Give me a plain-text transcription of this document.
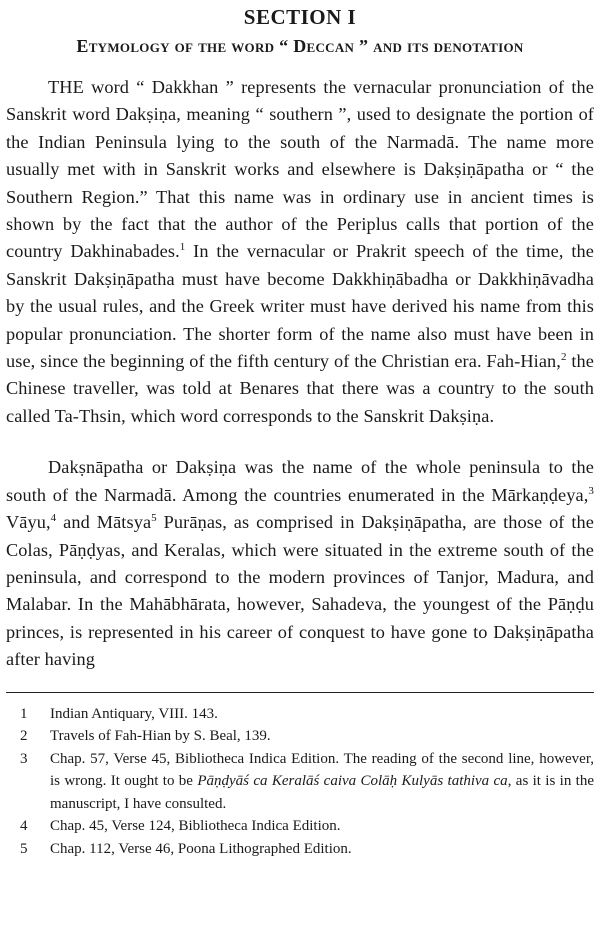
SECTION I
Etymology of the word “ Deccan ” and its denotation

THE word “ Dakkhan ” represents the vernacular pronunciation of the Sanskrit word Dakṣiṇa, meaning “ southern ”, used to designate the portion of the Indian Peninsula lying to the south of the Narmadā. The name more usually met with in Sanskrit works and elsewhere is Dakṣiṇāpatha or “ the Southern Region.” That this name was in ordinary use in ancient times is shown by the fact that the author of the Periplus calls that portion of the country Dakhinabades.$^1$ In the vernacular or Prakrit speech of the time, the Sanskrit Dakṣiṇāpatha must have become Dakkhiṇābadha or Dakkhiṇāvadha by the usual rules, and the Greek writer must have derived his name from this popular pronunciation. The shorter form of the name also must have been in use, since the beginning of the fifth century of the Christian era. Fah-Hian,$^2$ the Chinese traveller, was told at Benares that there was a country to the south called Ta-Thsin, which word corresponds to the Sanskrit Dakṣiṇa.

Dakṣnāpatha or Dakṣiṇa was the name of the whole peninsula to the south of the Narmadā. Among the countries enumerated in the Mārkaṇḍeya,$^3$ Vāyu,$^4$ and Mātsya$^5$ Purāṇas, as comprised in Dakṣiṇāpatha, are those of the Colas, Pāṇḍyas, and Keralas, which were situated in the extreme south of the peninsula, and correspond to the modern provinces of Tanjor, Madura, and Malabar. In the Mahābhārata, however, Sahadeva, the youngest of the Pāṇḍu princes, is represented in his career of conquest to have gone to Dakṣiṇāpatha after having

1	Indian Antiquary, VIII. 143.
2	Travels of Fah-Hian by S. Beal, 139.
3	Chap. 57, Verse 45, Bibliotheca Indica Edition. The reading of the second line, however, is wrong. It ought to be Pāṇḍyāś ca Keralāś caiva Colāḥ Kulyās tathiva ca, as it is in the manuscript, I have consulted.
4	Chap. 45, Verse 124, Bibliotheca Indica Edition.
5	Chap. 112, Verse 46, Poona Lithographed Edition.
